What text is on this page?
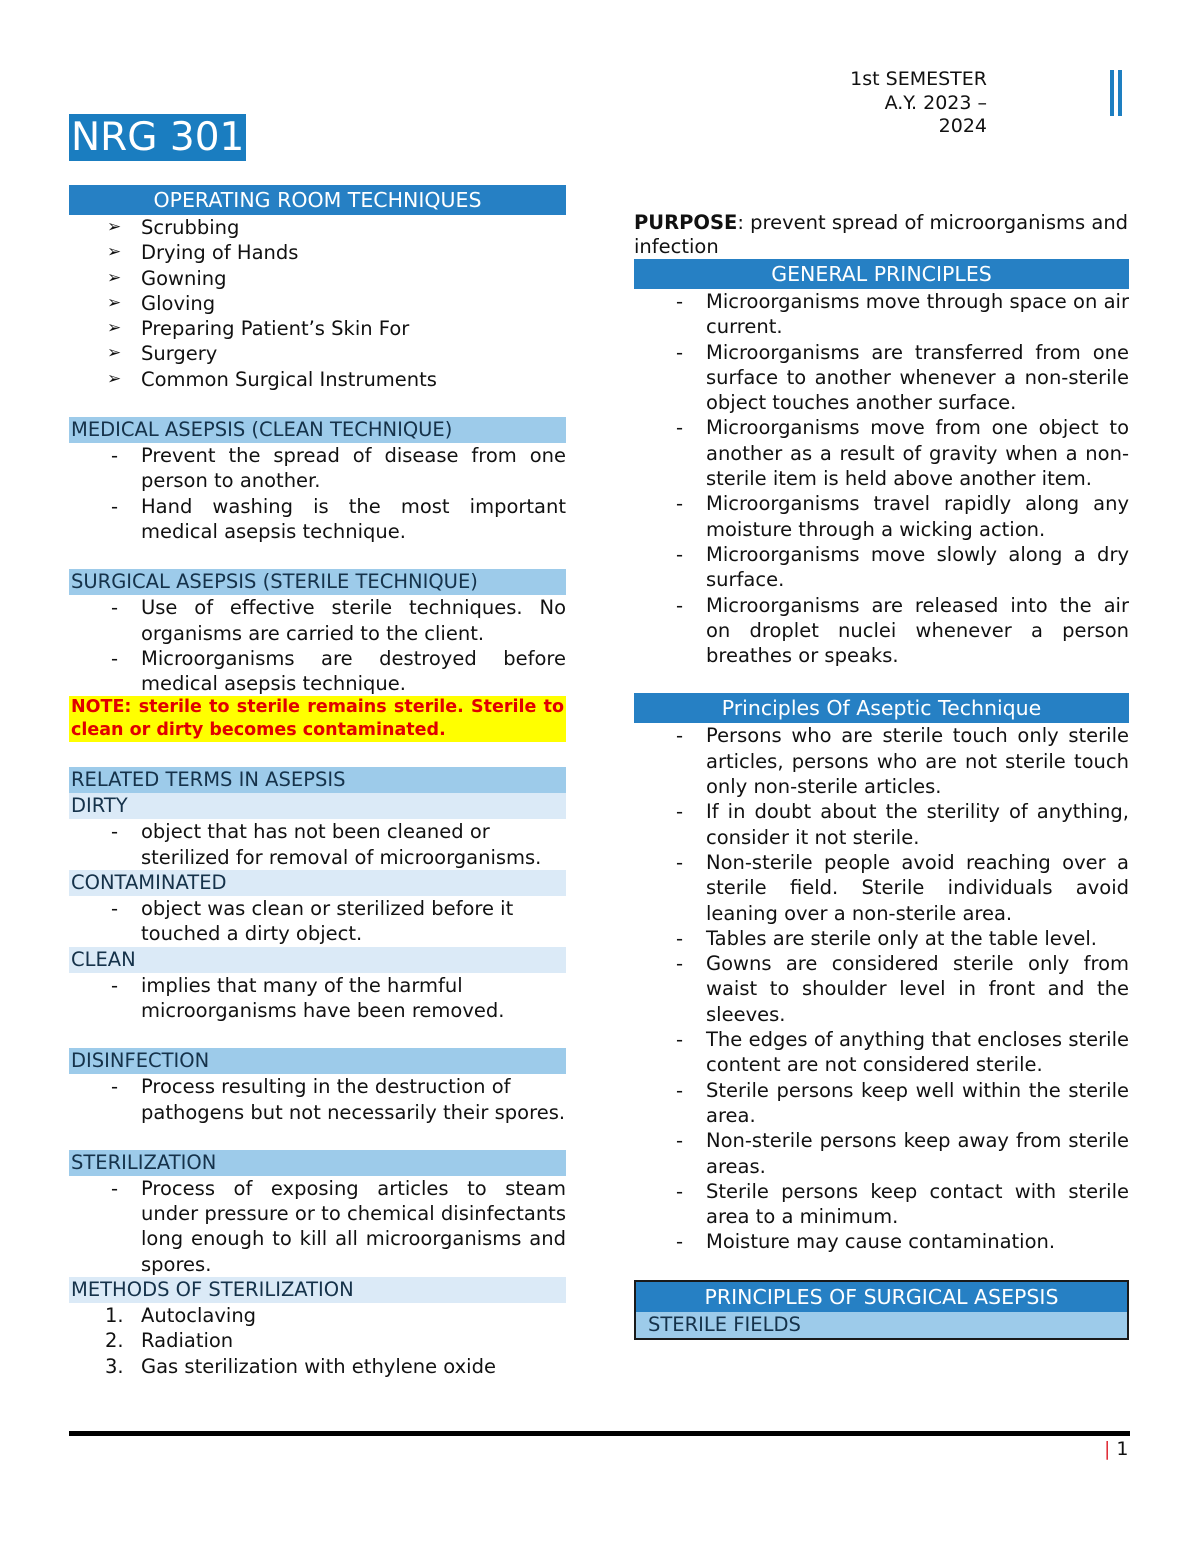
1st SEMESTER
A.Y. 2023 –
2024
NRG 301
OPERATING ROOM TECHNIQUES
➢ Scrubbing
➢ Drying of Hands
➢ Gowning
➢ Gloving
➢ Preparing Patient’s Skin For
➢ Surgery
➢ Common Surgical Instruments
MEDICAL ASEPSIS (CLEAN TECHNIQUE)
- Prevent the spread of disease from one person to another.
- Hand washing is the most important medical asepsis technique.
SURGICAL ASEPSIS (STERILE TECHNIQUE)
- Use of effective sterile techniques. No organisms are carried to the client.
- Microorganisms are destroyed before medical asepsis technique.
NOTE: sterile to sterile remains sterile. Sterile to clean or dirty becomes contaminated.
RELATED TERMS IN ASEPSIS
DIRTY
- object that has not been cleaned or sterilized for removal of microorganisms.
CONTAMINATED
- object was clean or sterilized before it touched a dirty object.
CLEAN
- implies that many of the harmful microorganisms have been removed.
DISINFECTION
- Process resulting in the destruction of pathogens but not necessarily their spores.
STERILIZATION
- Process of exposing articles to steam under pressure or to chemical disinfectants long enough to kill all microorganisms and spores.
METHODS OF STERILIZATION
1. Autoclaving
2. Radiation
3. Gas sterilization with ethylene oxide
PURPOSE: prevent spread of microorganisms and infection
GENERAL PRINCIPLES
- Microorganisms move through space on air current.
- Microorganisms are transferred from one surface to another whenever a non-sterile object touches another surface.
- Microorganisms move from one object to another as a result of gravity when a non-sterile item is held above another item.
- Microorganisms travel rapidly along any moisture through a wicking action.
- Microorganisms move slowly along a dry surface.
- Microorganisms are released into the air on droplet nuclei whenever a person breathes or speaks.
Principles Of Aseptic Technique
- Persons who are sterile touch only sterile articles, persons who are not sterile touch only non-sterile articles.
- If in doubt about the sterility of anything, consider it not sterile.
- Non-sterile people avoid reaching over a sterile field. Sterile individuals avoid leaning over a non-sterile area.
- Tables are sterile only at the table level.
- Gowns are considered sterile only from waist to shoulder level in front and the sleeves.
- The edges of anything that encloses sterile content are not considered sterile.
- Sterile persons keep well within the sterile area.
- Non-sterile persons keep away from sterile areas.
- Sterile persons keep contact with sterile area to a minimum.
- Moisture may cause contamination.
PRINCIPLES OF SURGICAL ASEPSIS
STERILE FIELDS
| 1
